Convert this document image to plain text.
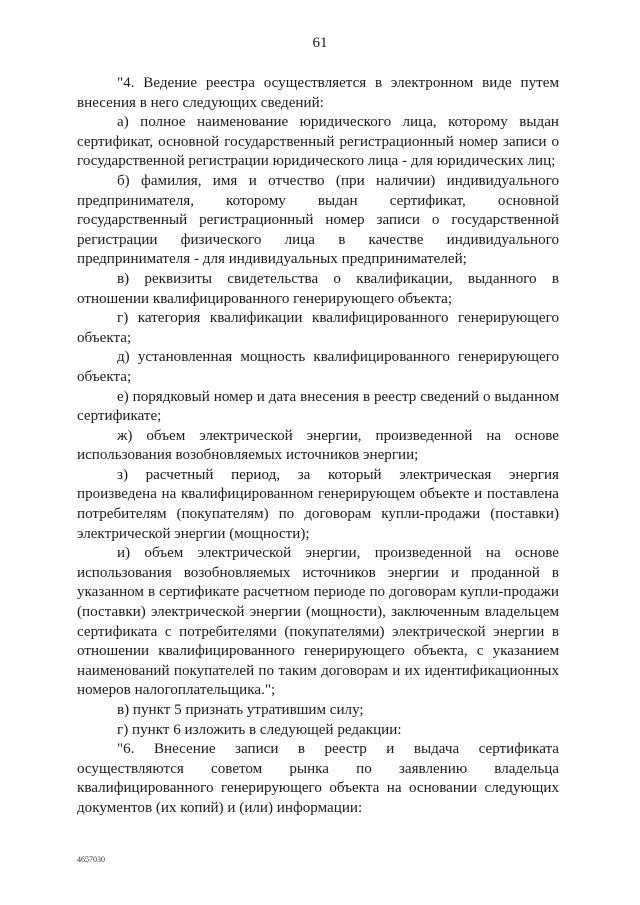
61

"4. Ведение реестра осуществляется в электронном виде путем внесения в него следующих сведений:

а) полное наименование юридического лица, которому выдан сертификат, основной государственный регистрационный номер записи о государственной регистрации юридического лица - для юридических лиц;

б) фамилия, имя и отчество (при наличии) индивидуального предпринимателя, которому выдан сертификат, основной государственный регистрационный номер записи о государственной регистрации физического лица в качестве индивидуального предпринимателя - для индивидуальных предпринимателей;

в) реквизиты свидетельства о квалификации, выданного в отношении квалифицированного генерирующего объекта;

г) категория квалификации квалифицированного генерирующего объекта;

д) установленная мощность квалифицированного генерирующего объекта;

е) порядковый номер и дата внесения в реестр сведений о выданном сертификате;

ж) объем электрической энергии, произведенной на основе использования возобновляемых источников энергии;

з) расчетный период, за который электрическая энергия произведена на квалифицированном генерирующем объекте и поставлена потребителям (покупателям) по договорам купли-продажи (поставки) электрической энергии (мощности);

и) объем электрической энергии, произведенной на основе использования возобновляемых источников энергии и проданной в указанном в сертификате расчетном периоде по договорам купли-продажи (поставки) электрической энергии (мощности), заключенным владельцем сертификата с потребителями (покупателями) электрической энергии в отношении квалифицированного генерирующего объекта, с указанием наименований покупателей по таким договорам и их идентификационных номеров налогоплательщика.";

в) пункт 5 признать утратившим силу;

г) пункт 6 изложить в следующей редакции:

"6. Внесение записи в реестр и выдача сертификата осуществляются советом рынка по заявлению владельца квалифицированного генерирующего объекта на основании следующих документов (их копий) и (или) информации:

4657030
